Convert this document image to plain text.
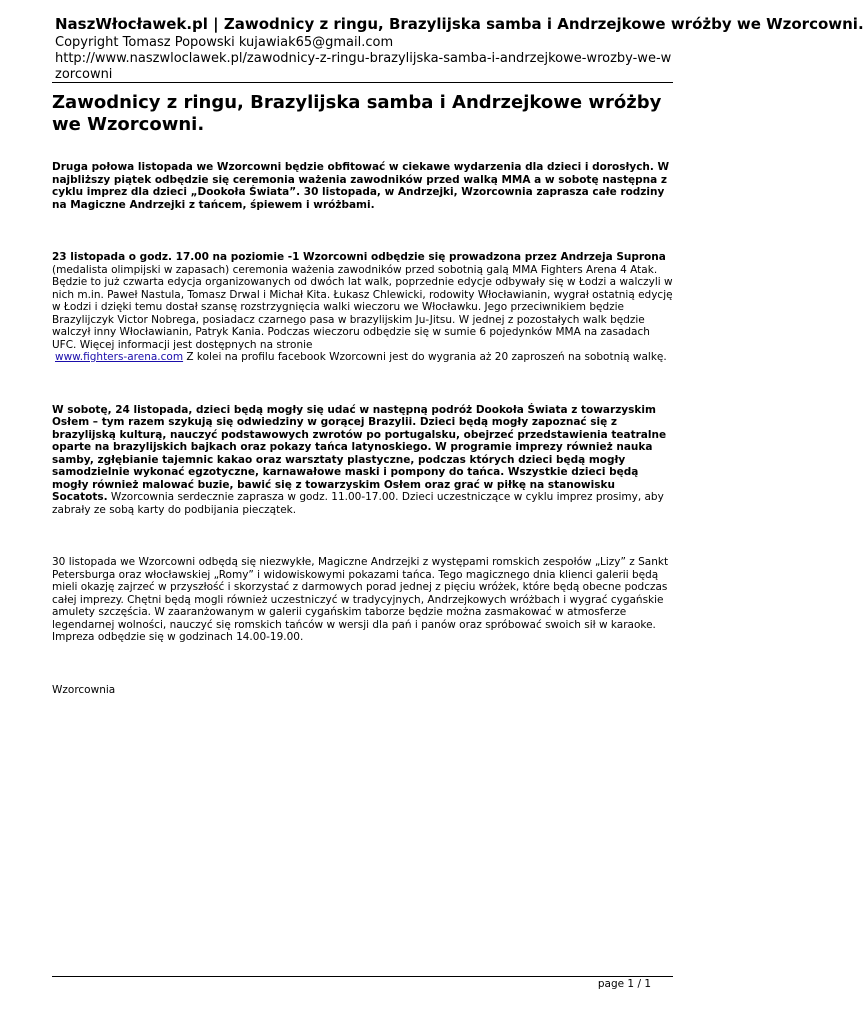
NaszWłocławek.pl | Zawodnicy z ringu, Brazylijska samba i Andrzejkowe wróżby we Wzorcowni.
Copyright Tomasz Popowski kujawiak65@gmail.com
http://www.naszwloclawek.pl/zawodnicy-z-ringu-brazylijska-samba-i-andrzejkowe-wrozby-we-wzorcowni
Zawodnicy z ringu, Brazylijska samba i Andrzejkowe wróżby we Wzorcowni.

Druga połowa listopada we Wzorcowni będzie obfitować w ciekawe wydarzenia dla dzieci i dorosłych. W najbliższy piątek odbędzie się ceremonia ważenia zawodników przed walką MMA a w sobotę następna z cyklu imprez dla dzieci „Dookoła Świata”. 30 listopada, w Andrzejki, Wzorcownia zaprasza całe rodziny na Magiczne Andrzejki z tańcem, śpiewem i wróżbami.

23 listopada o godz. 17.00 na poziomie -1 Wzorcowni odbędzie się prowadzona przez Andrzeja Suprona
(medalista olimpijski w zapasach) ceremonia ważenia zawodników przed sobotnią galą MMA Fighters Arena 4 Atak. Będzie to już czwarta edycja organizowanych od dwóch lat walk, poprzednie edycje odbywały się w Łodzi a walczyli w nich m.in. Paweł Nastula, Tomasz Drwal i Michał Kita. Łukasz Chlewicki, rodowity Włocławianin, wygrał ostatnią edycję w Łodzi i dzięki temu dostał szansę rozstrzygnięcia walki wieczoru we Włocławku. Jego przeciwnikiem będzie Brazylijczyk Victor Nobrega, posiadacz czarnego pasa w brazylijskim Ju-Jitsu. W jednej z pozostałych walk będzie walczył inny Włocławianin, Patryk Kania. Podczas wieczoru odbędzie się w sumie 6 pojedynków MMA na zasadach UFC. Więcej informacji jest dostępnych na stronie
www.fighters-arena.com Z kolei na profilu facebook Wzorcowni jest do wygrania aż 20 zaproszeń na sobotnią walkę.

W sobotę, 24 listopada, dzieci będą mogły się udać w następną podróż Dookoła Świata z towarzyskim Osłem – tym razem szykują się odwiedziny w gorącej Brazylii. Dzieci będą mogły zapoznać się z brazylijską kulturą, nauczyć podstawowych zwrotów po portugalsku, obejrzeć przedstawienia teatralne oparte na brazylijskich bajkach oraz pokazy tańca latynoskiego. W programie imprezy również nauka samby, zgłębianie tajemnic kakao oraz warsztaty plastyczne, podczas których dzieci będą mogły samodzielnie wykonać egzotyczne, karnawałowe maski i pompony do tańca. Wszystkie dzieci będą mogły również malować buzie, bawić się z towarzyskim Osłem oraz grać w piłkę na stanowisku Socatots. Wzorcownia serdecznie zaprasza w godz. 11.00-17.00. Dzieci uczestniczące w cyklu imprez prosimy, aby zabrały ze sobą karty do podbijania pieczątek.

30 listopada we Wzorcowni odbędą się niezwykłe, Magiczne Andrzejki z występami romskich zespołów „Lizy” z Sankt Petersburga oraz włocławskiej „Romy” i widowiskowymi pokazami tańca. Tego magicznego dnia klienci galerii będą mieli okazję zajrzeć w przyszłość i skorzystać z darmowych porad jednej z pięciu wróżek, które będą obecne podczas całej imprezy. Chętni będą mogli również uczestniczyć w tradycyjnych, Andrzejkowych wróżbach i wygrać cygańskie amulety szczęścia. W zaaranżowanym w galerii cygańskim taborze będzie można zasmakować w atmosferze legendarnej wolności, nauczyć się romskich tańców w wersji dla pań i panów oraz spróbować swoich sił w karaoke. Impreza odbędzie się w godzinach 14.00-19.00.

Wzorcownia

page 1 / 1
